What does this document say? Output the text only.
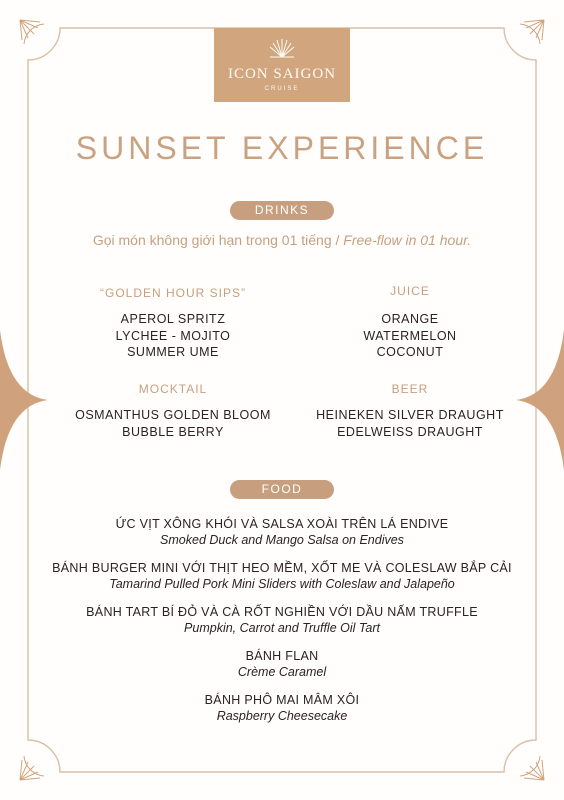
ICON SAIGON
CRUISE
SUNSET EXPERIENCE
DRINKS
Gọi món không giới hạn trong 01 tiếng / Free-flow in 01 hour.
“GOLDEN HOUR SIPS”
APEROL SPRITZ
LYCHEE - MOJITO
SUMMER UME
JUICE
ORANGE
WATERMELON
COCONUT
MOCKTAIL
OSMANTHUS GOLDEN BLOOM
BUBBLE BERRY
BEER
HEINEKEN SILVER DRAUGHT
EDELWEISS DRAUGHT
FOOD
ỨC VỊT XÔNG KHÓI VÀ SALSA XOÀI TRÊN LÁ ENDIVE
Smoked Duck and Mango Salsa on Endives
BÁNH BURGER MINI VỚI THỊT HEO MỀM, XỐT ME VÀ COLESLAW BẮP CẢI
Tamarind Pulled Pork Mini Sliders with Coleslaw and Jalapeño
BÁNH TART BÍ ĐỎ VÀ CÀ RỐT NGHIỀN VỚI DẦU NẤM TRUFFLE
Pumpkin, Carrot and Truffle Oil Tart
BÁNH FLAN
Crème Caramel
BÁNH PHÔ MAI MÂM XÔI
Raspberry Cheesecake
